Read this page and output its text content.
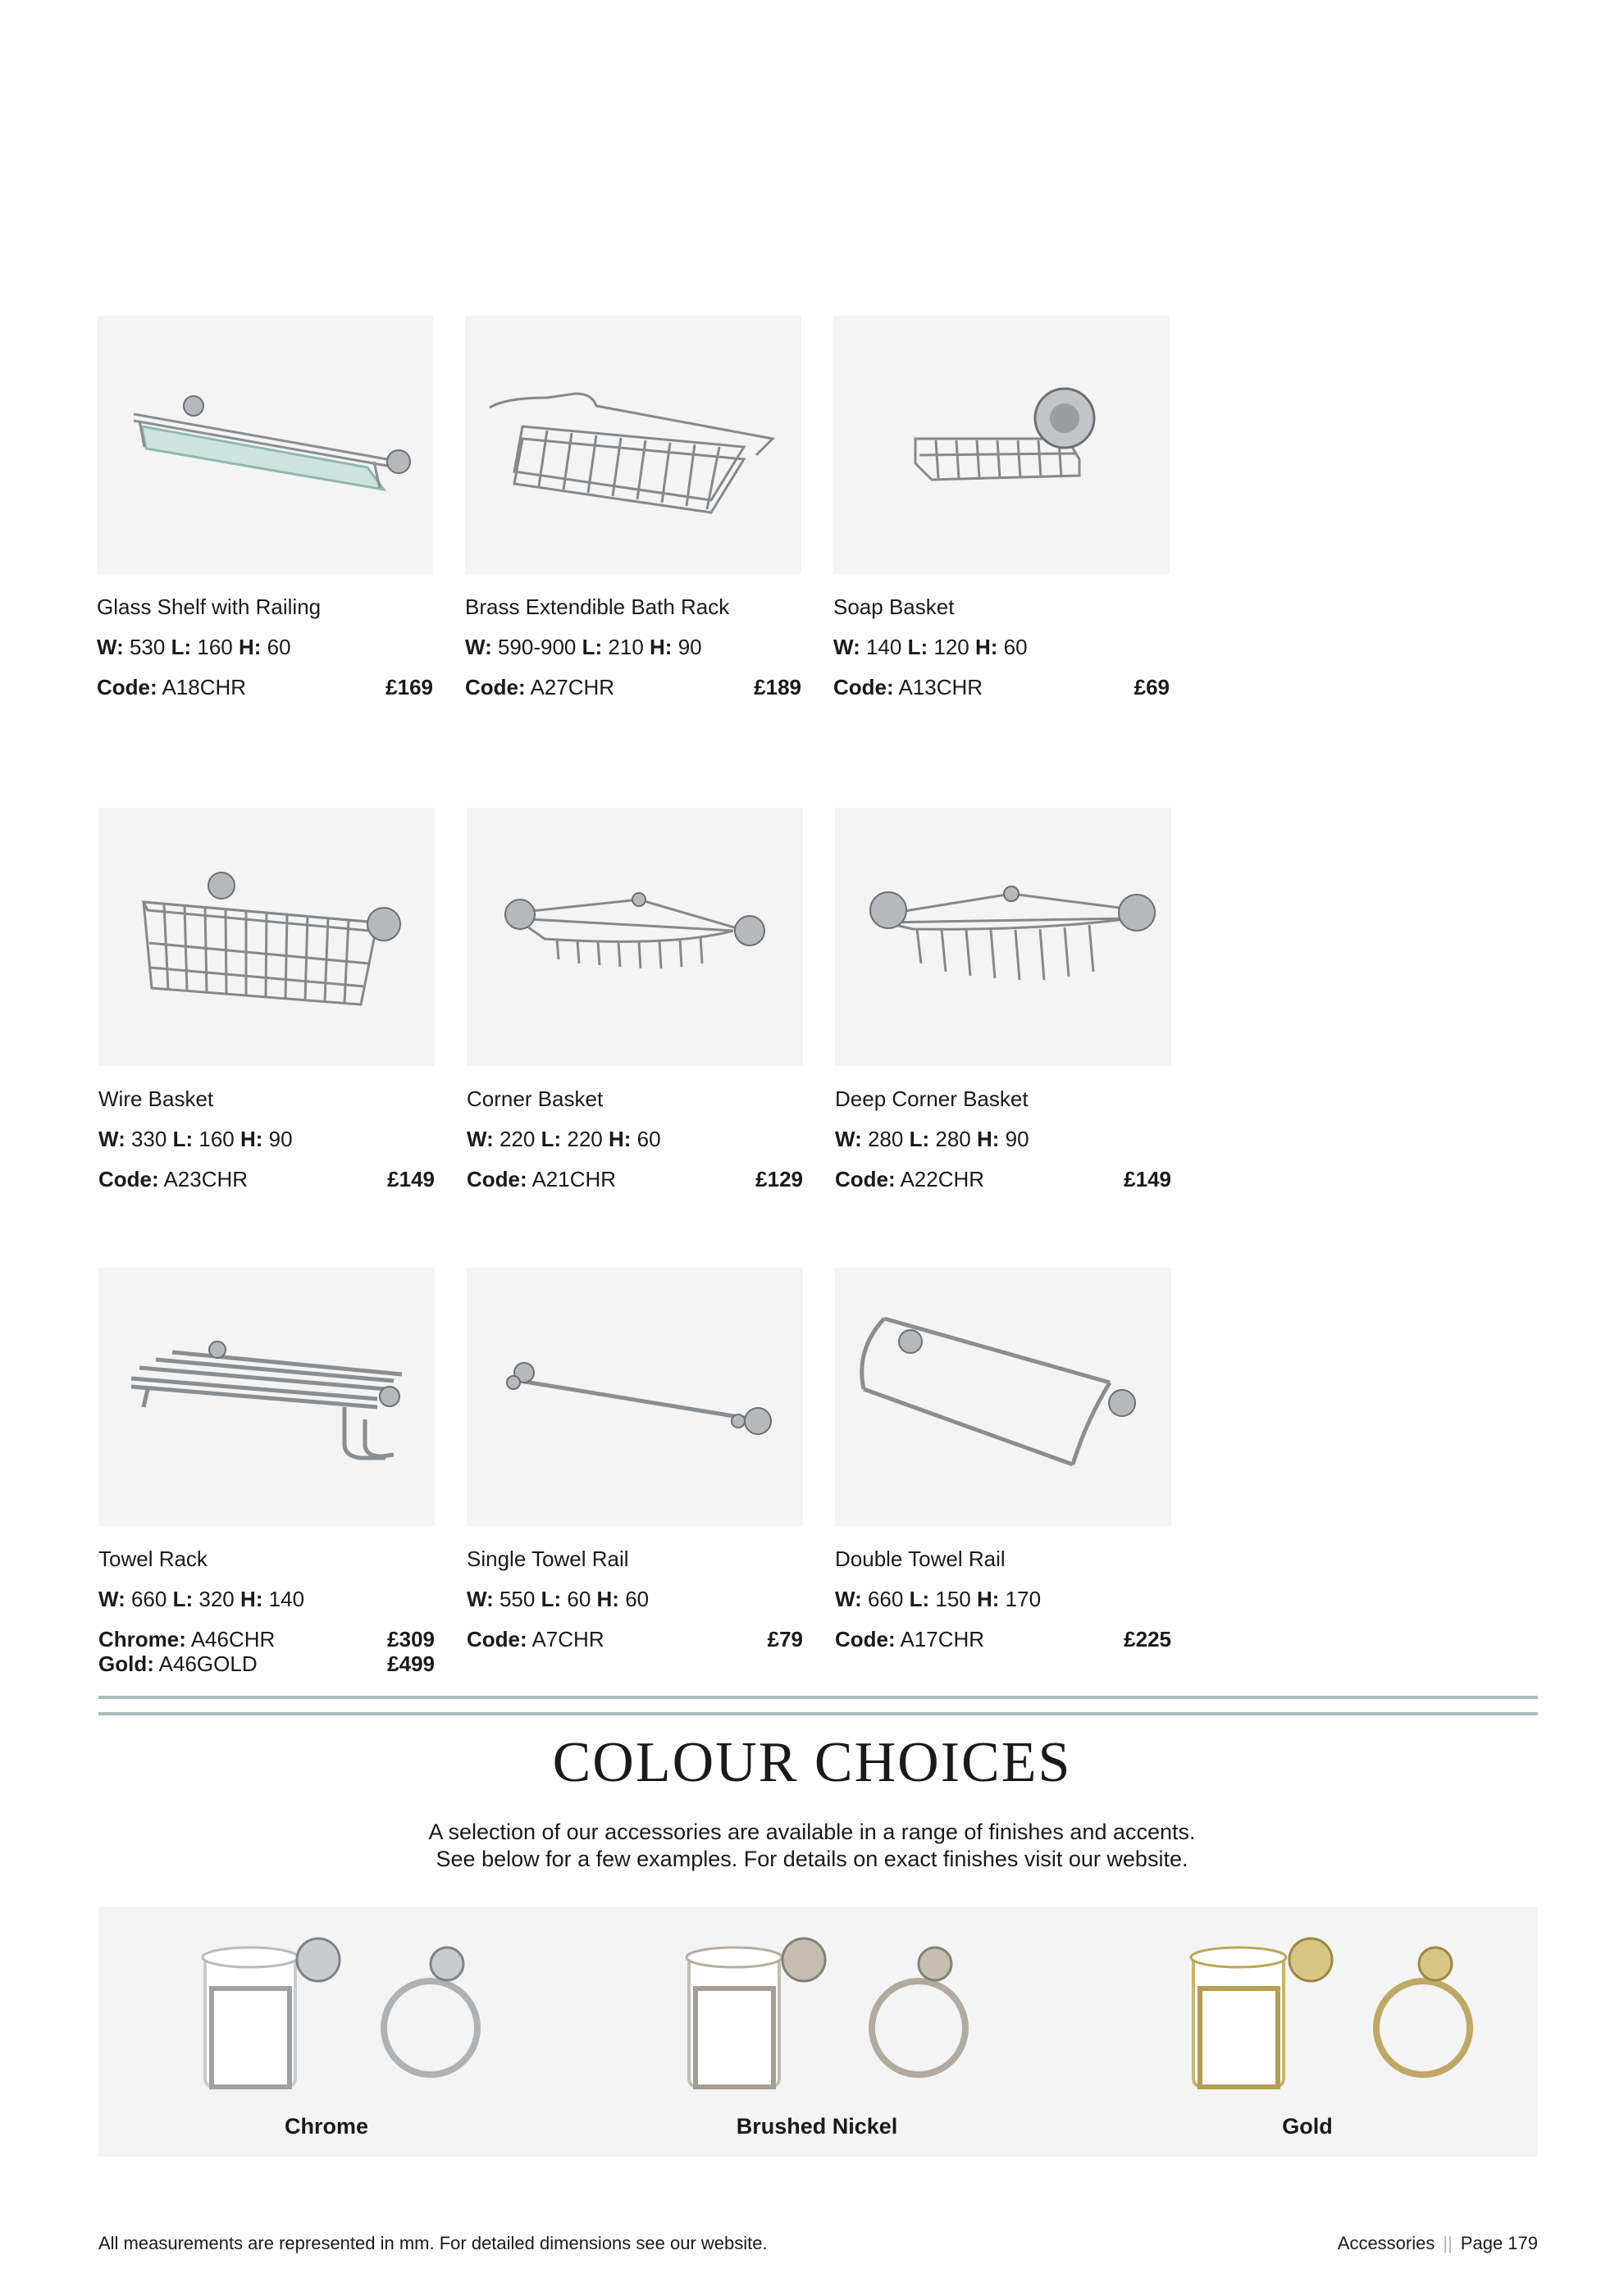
Glass Shelf with Railing
W: 530 L: 160 H: 60
Code: A18CHR	£169
Brass Extendible Bath Rack
W: 590-900 L: 210 H: 90
Code: A27CHR	£189
Soap Basket
W: 140 L: 120 H: 60
Code: A13CHR	£69
Wire Basket
W: 330 L: 160 H: 90
Code: A23CHR	£149
Corner Basket
W: 220 L: 220 H: 60
Code: A21CHR	£129
Deep Corner Basket
W: 280 L: 280 H: 90
Code: A22CHR	£149
Towel Rack
W: 660 L: 320 H: 140
Chrome: A46CHR	£309
Gold: A46GOLD	£499
Single Towel Rail
W: 550 L: 60 H: 60
Code: A7CHR	£79
Double Towel Rail
W: 660 L: 150 H: 170
Code: A17CHR	£225
COLOUR CHOICES
A selection of our accessories are available in a range of finishes and accents.
See below for a few examples. For details on exact finishes visit our website.
Chrome	Brushed Nickel	Gold
All measurements are represented in mm. For detailed dimensions see our website.	Accessories || Page 179
